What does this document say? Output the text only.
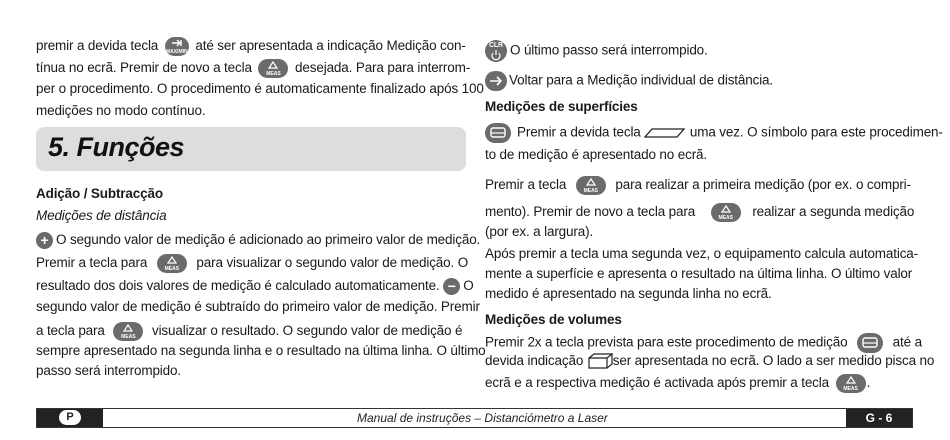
premir a devida tecla MAX/MIN até ser apresentada a indicação Medição con-
tínua no ecrã. Premir de novo a tecla	MEAS	desejada. Para para interrom-
per o procedimento. O procedimento é automaticamente finalizado após 100
medições no modo contínuo.
Adição / Subtracção
Medições de distância
+ O segundo valor de medição é adicionado ao primeiro valor de medição.
Premir a tecla para	MEAS	para visualizar o segundo valor de medição. O
resultado dos dois valores de medição é calculado automaticamente. − O
segundo valor de medição é subtraído do primeiro valor de medição. Premir
a tecla para	MEAS	visualizar o resultado. O segundo valor de medição é
sempre apresentado na segunda linha e o resultado na última linha. O último
passo será interrompido.
5. Funções
CLR O último passo será interrompido.
Voltar para a Medição individual de distância.
Medições de superfícies
Premir a devida tecla	uma vez. O símbolo para este procedimen-
to de medição é apresentado no ecrã.
Premir a tecla	MEAS	para realizar a primeira medição (por ex. o compri-
mento). Premir de novo a tecla para	MEAS	realizar a segunda medição
(por ex. a largura).
Após premir a tecla uma segunda vez, o equipamento calcula automatica-
mente a superfície e apresenta o resultado na última linha. O último valor
medido é apresentado na segunda linha no ecrã.
Medições de volumes
Premir 2x a tecla prevista para este procedimento de medição	até a
devida indicação ser apresentada no ecrã. O lado a ser medido pisca no
ecrã e a respectiva medição é activada após premir a tecla	MEAS .
P	Manual de instruções – Distanciómetro a Laser	G - 6
